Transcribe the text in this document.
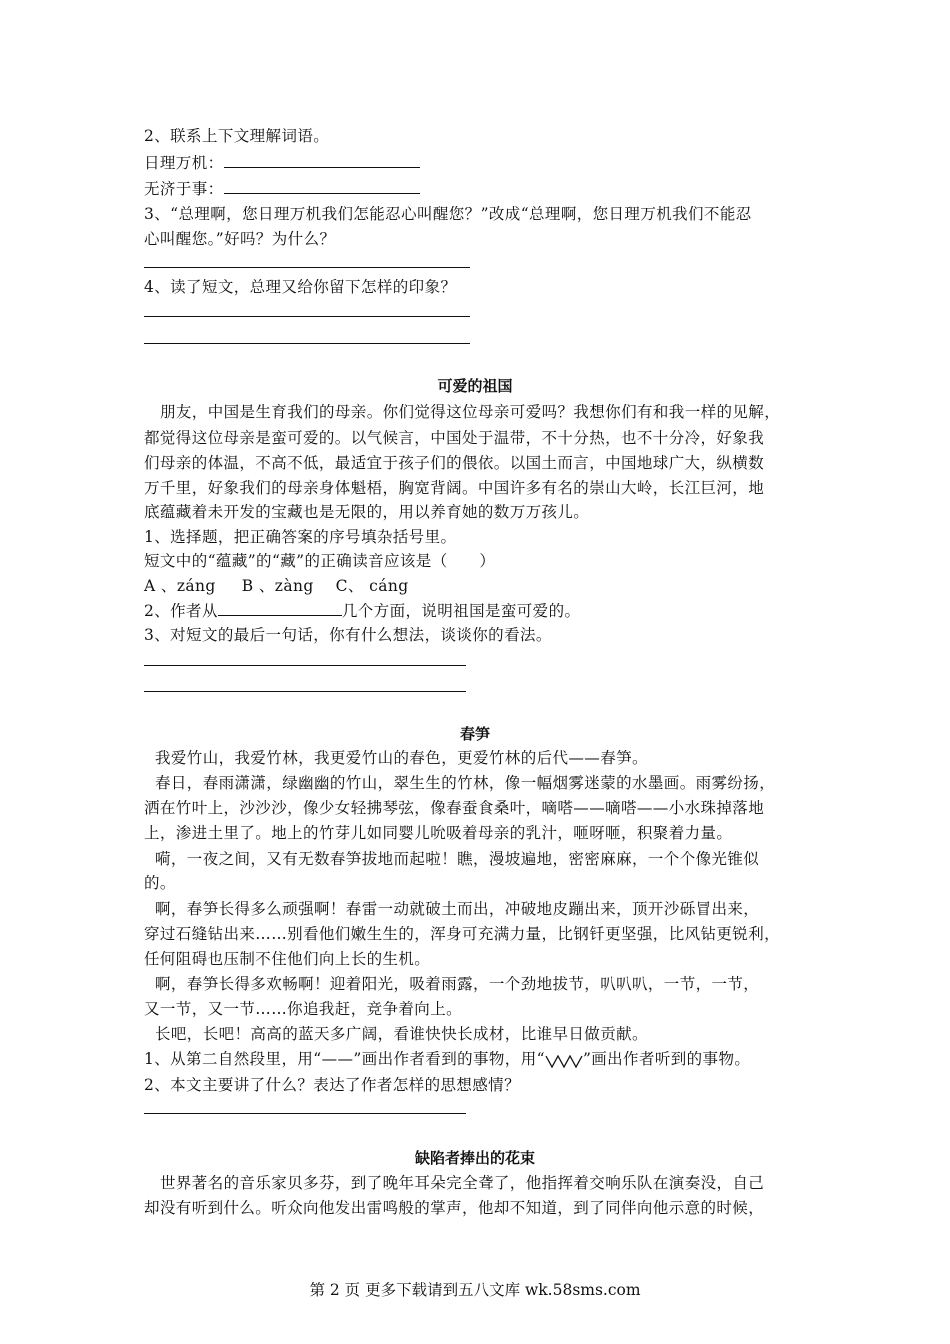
2、联系上下文理解词语。
日理万机：
无济于事：
3、“总理啊，您日理万机我们怎能忍心叫醒您？”改成“总理啊，您日理万机我们不能忍
心叫醒您。”好吗？为什么？
4、读了短文，总理又给你留下怎样的印象？
可爱的祖国
朋友，中国是生育我们的母亲。你们觉得这位母亲可爱吗？我想你们有和我一样的见解，
都觉得这位母亲是蛮可爱的。以气候言，中国处于温带，不十分热，也不十分冷，好象我
们母亲的体温，不高不低，最适宜于孩子们的偎依。以国土而言，中国地球广大，纵横数
万千里，好象我们的母亲身体魁梧，胸宽背阔。中国许多有名的崇山大岭，长江巨河，地
底蕴藏着未开发的宝藏也是无限的，用以养育她的数万万孩儿。
1、选择题，把正确答案的序号填杂括号里。
短文中的“蕴藏”的“藏”的正确读音应该是（　　）
A 、záng B 、zàng C、 cáng
2、作者从	几个方面，说明祖国是蛮可爱的。
3、对短文的最后一句话，你有什么想法，谈谈你的看法。
春笋
我爱竹山，我爱竹林，我更爱竹山的春色，更爱竹林的后代——春笋。
春日，春雨潇潇，绿幽幽的竹山，翠生生的竹林，像一幅烟雾迷蒙的水墨画。雨雾纷扬，
洒在竹叶上，沙沙沙，像少女轻拂琴弦，像春蚕食桑叶，嘀嗒——嘀嗒——小水珠掉落地
上，渗进土里了。地上的竹芽儿如同婴儿吮吸着母亲的乳汁，咂呀咂，积聚着力量。
嗬，一夜之间，又有无数春笋拔地而起啦！瞧，漫坡遍地，密密麻麻，一个个像光锥似
的。
啊，春笋长得多么顽强啊！春雷一动就破土而出，冲破地皮蹦出来，顶开沙砾冒出来，
穿过石缝钻出来……别看他们嫩生生的，浑身可充满力量，比钢钎更坚强，比风钻更锐利，
任何阻碍也压制不住他们向上长的生机。
啊，春笋长得多欢畅啊！迎着阳光，吸着雨露，一个劲地拔节，叭叭叭，一节，一节，
又一节，又一节……你追我赶，竞争着向上。
长吧，长吧！高高的蓝天多广阔，看谁快快长成材，比谁早日做贡献。
1、从第二自然段里，用“——”画出作者看到的事物，用“ ”画出作者听到的事物。
2、本文主要讲了什么？表达了作者怎样的思想感情？
缺陷者捧出的花束
世界著名的音乐家贝多芬，到了晚年耳朵完全聋了，他指挥着交响乐队在演奏没，自己
却没有听到什么。听众向他发出雷鸣般的掌声，他却不知道，到了同伴向他示意的时候，
第 2 页 更多下载请到五八文库 wk.58sms.com
